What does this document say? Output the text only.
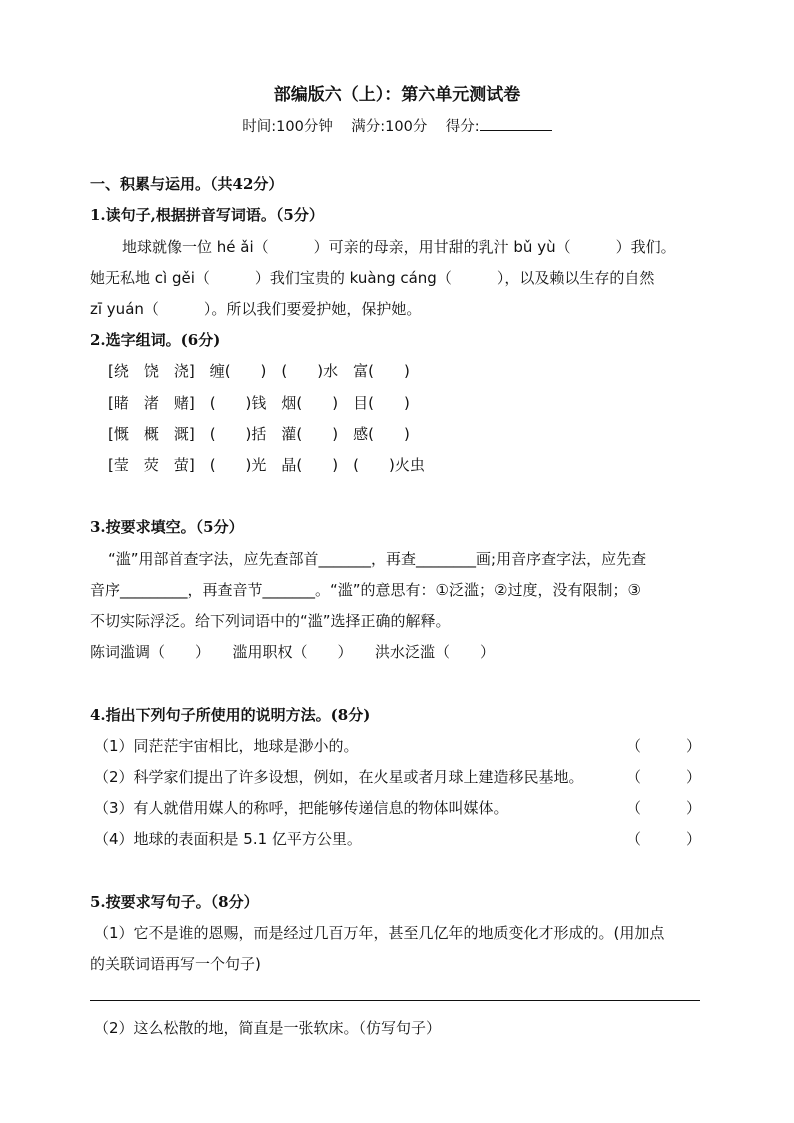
部编版六（上）：第六单元测试卷
时间:100分钟 满分:100分 得分:
一、积累与运用。（共42分）
1.读句子,根据拼音写词语。（5分）
地球就像一位 hé ǎi（　　　）可亲的母亲，用甘甜的乳汁 bǔ yù（　　　）我们。
她无私地 cì gěi（　　　）我们宝贵的 kuàng cáng（　　　），以及赖以生存的自然
zī yuán（　　　）。所以我们要爱护她，保护她。
2.选字组词。(6分)
[绕　饶　浇]　缠(　　)　(　　)水　富(　　)
[睹　渚　赌]　(　　)钱　烟(　　)　目(　　)
[慨　概　溉]　(　　)括　灌(　　)　感(　　)
[莹　荧　萤]　(　　)光　晶(　　)　(　　)火虫
3.按要求填空。（5分）
“滥”用部首查字法，应先查部首_______，再查________画;用音序查字法，应先查
音序_________，再查音节_______。“滥”的意思有：①泛滥；②过度，没有限制；③
不切实际浮泛。给下列词语中的“滥”选择正确的解释。
陈词滥调（　　）　　滥用职权（　　）　　洪水泛滥（　　）
4.指出下列句子所使用的说明方法。(8分)
（1）同茫茫宇宙相比，地球是渺小的。	（　　　）
（2）科学家们提出了许多设想，例如，在火星或者月球上建造移民基地。	（　　　）
（3）有人就借用媒人的称呼，把能够传递信息的物体叫媒体。	（　　　）
（4）地球的表面积是 5.1 亿平方公里。	（　　　）
5.按要求写句子。（8分）
（1）它不是谁的恩赐，而是经过几百万年，甚至几亿年的地质变化才形成的。(用加点
的关联词语再写一个句子)
（2）这么松散的地，简直是一张软床。（仿写句子）
